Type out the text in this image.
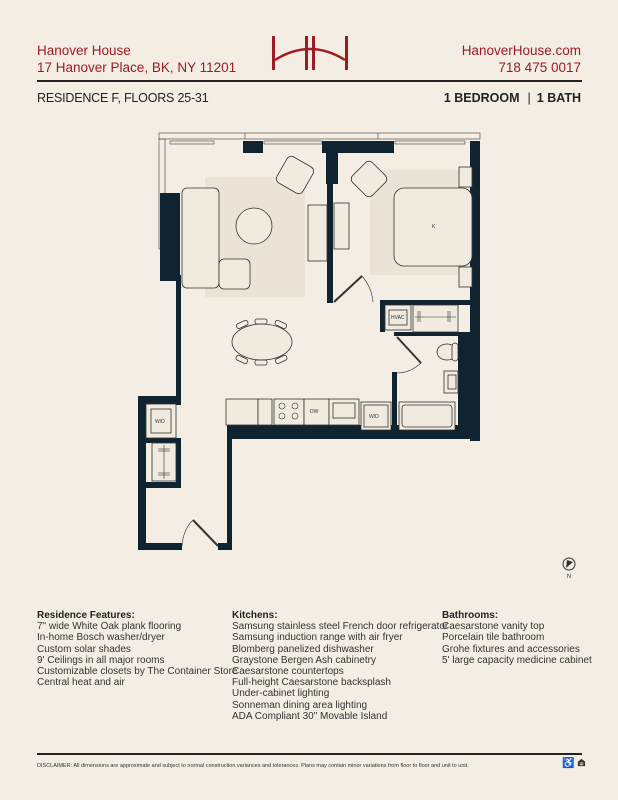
Hanover House
17 Hanover Place, BK, NY 11201
HanoverHouse.com
718 475 0017
RESIDENCE F, FLOORS 25-31	1 BEDROOM | 1 BATH
K
HVAC
DW
W/D
W/D
N
Residence Features:
7" wide White Oak plank flooring
In-home Bosch washer/dryer
Custom solar shades
9' Ceilings in all major rooms
Customizable closets by The Container Store
Central heat and air
Kitchens:
Samsung stainless steel French door refrigerator
Samsung induction range with air fryer
Blomberg panelized dishwasher
Graystone Bergen Ash cabinetry
Caesarstone countertops
Full-height Caesarstone backsplash
Under-cabinet lighting
Sonneman dining area lighting
ADA Compliant 30" Movable Island
Bathrooms:
Caesarstone vanity top
Porcelain tile bathroom
Grohe fixtures and accessories
5' large capacity medicine cabinet
DISCLAIMER: All dimensions are approximate and subject to normal construction variances and tolerances. Plans may contain minor variations from floor to floor and unit to unit.	♿
